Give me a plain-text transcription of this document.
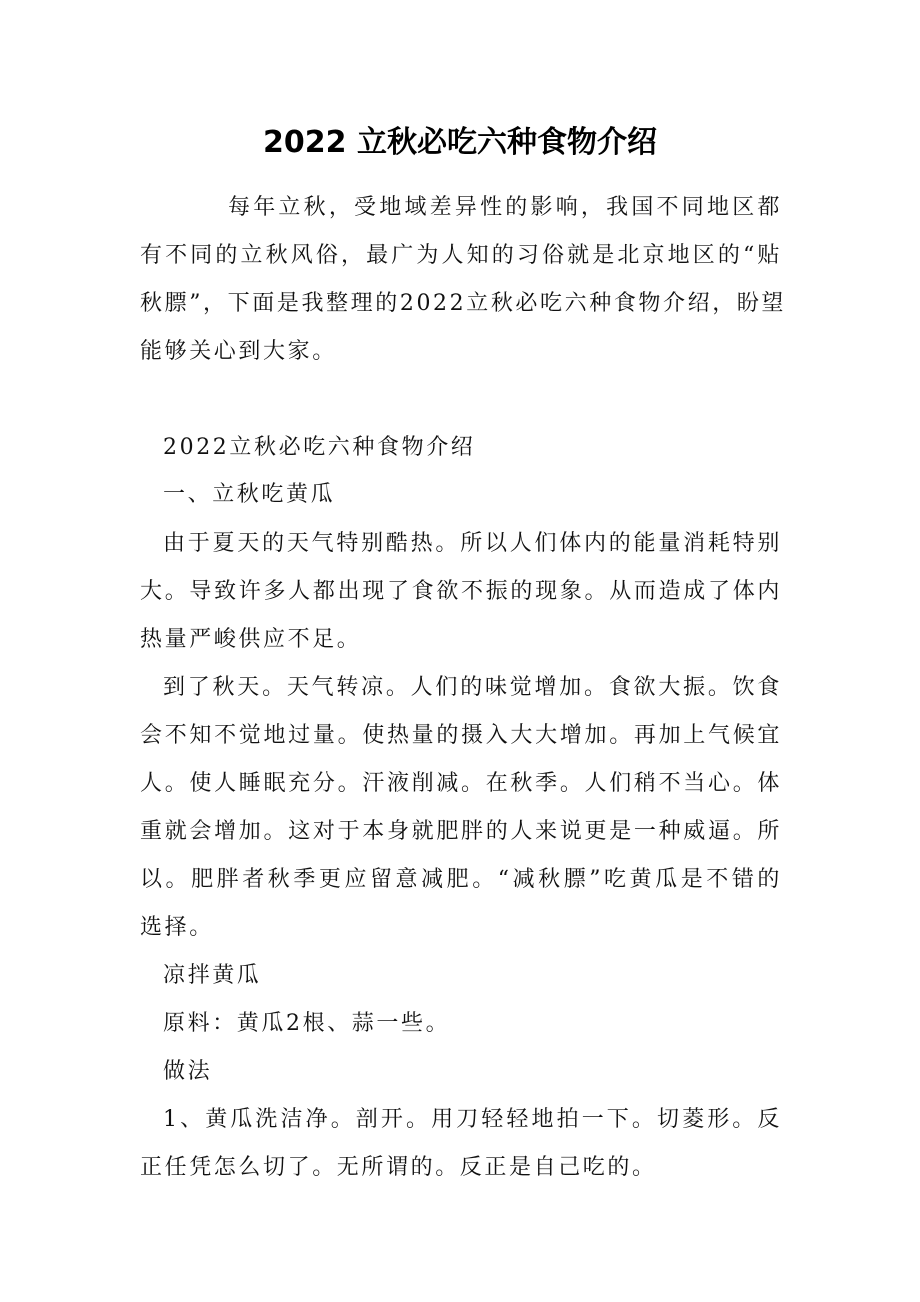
2022 立秋必吃六种食物介绍
每年立秋，受地域差异性的影响，我国不同地区都
有不同的立秋风俗，最广为人知的习俗就是北京地区的“贴
秋膘”，下面是我整理的2022立秋必吃六种食物介绍，盼望
能够关心到大家。
2022立秋必吃六种食物介绍
一、立秋吃黄瓜
由于夏天的天气特别酷热。所以人们体内的能量消耗特别
大。导致许多人都出现了食欲不振的现象。从而造成了体内
热量严峻供应不足。
到了秋天。天气转凉。人们的味觉增加。食欲大振。饮食
会不知不觉地过量。使热量的摄入大大增加。再加上气候宜
人。使人睡眠充分。汗液削减。在秋季。人们稍不当心。体
重就会增加。这对于本身就肥胖的人来说更是一种威逼。所
以。肥胖者秋季更应留意减肥。“减秋膘”吃黄瓜是不错的
选择。
凉拌黄瓜
原料：黄瓜2根、蒜一些。
做法
1、黄瓜洗洁净。剖开。用刀轻轻地拍一下。切菱形。反
正任凭怎么切了。无所谓的。反正是自己吃的。
